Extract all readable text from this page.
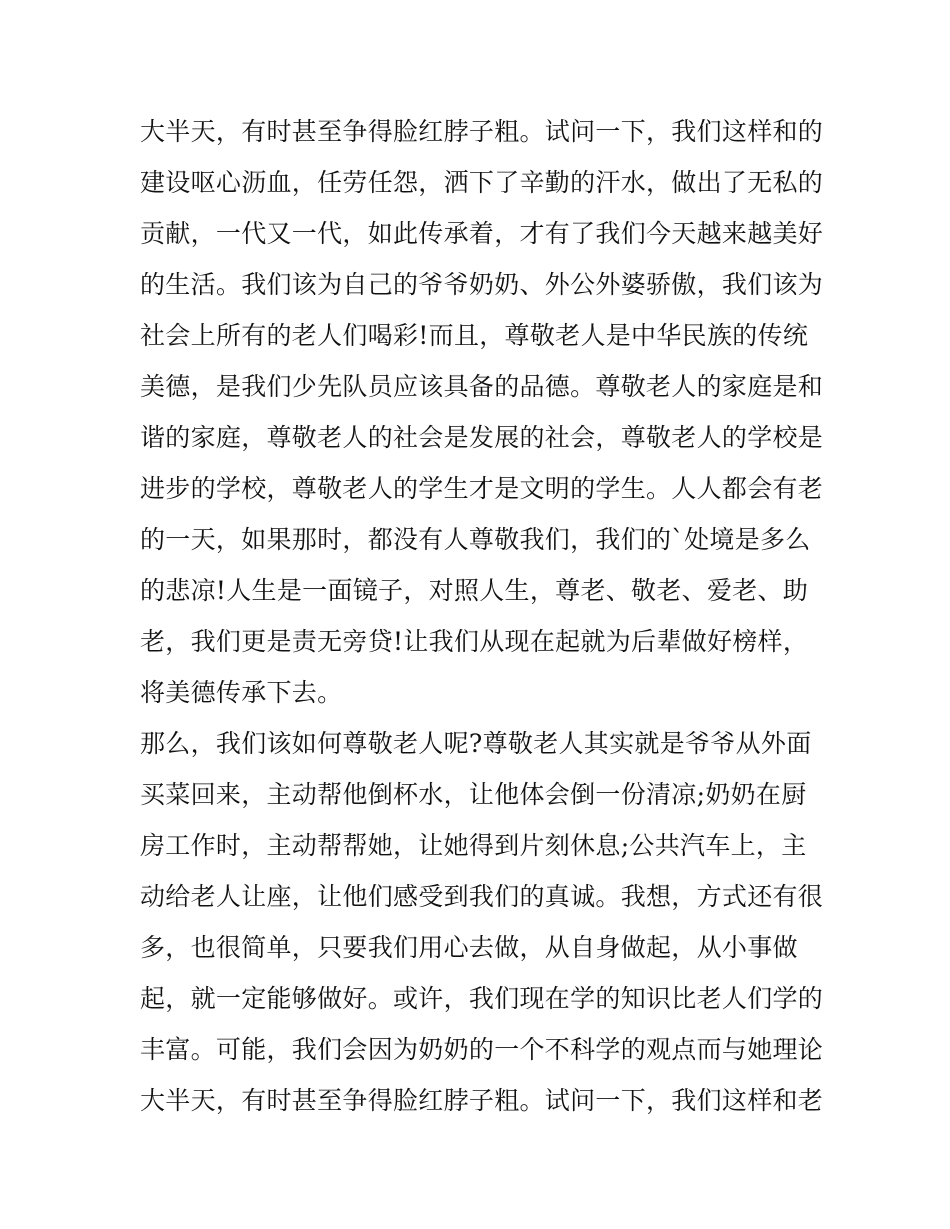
大半天，有时甚至争得脸红脖子粗。试问一下，我们这样和的
建设呕心沥血，任劳任怨，洒下了辛勤的汗水，做出了无私的
贡献，一代又一代，如此传承着，才有了我们今天越来越美好
的生活。我们该为自己的爷爷奶奶、外公外婆骄傲，我们该为
社会上所有的老人们喝彩!而且，尊敬老人是中华民族的传统
美德，是我们少先队员应该具备的品德。尊敬老人的家庭是和
谐的家庭，尊敬老人的社会是发展的社会，尊敬老人的学校是
进步的学校，尊敬老人的学生才是文明的学生。人人都会有老
的一天，如果那时，都没有人尊敬我们，我们的`处境是多么
的悲凉!人生是一面镜子，对照人生，尊老、敬老、爱老、助
老，我们更是责无旁贷!让我们从现在起就为后辈做好榜样，
将美德传承下去。
那么，我们该如何尊敬老人呢?尊敬老人其实就是爷爷从外面
买菜回来，主动帮他倒杯水，让他体会倒一份清凉;奶奶在厨
房工作时，主动帮帮她，让她得到片刻休息;公共汽车上，主
动给老人让座，让他们感受到我们的真诚。我想，方式还有很
多，也很简单，只要我们用心去做，从自身做起，从小事做
起，就一定能够做好。或许，我们现在学的知识比老人们学的
丰富。可能，我们会因为奶奶的一个不科学的观点而与她理论
大半天，有时甚至争得脸红脖子粗。试问一下，我们这样和老
